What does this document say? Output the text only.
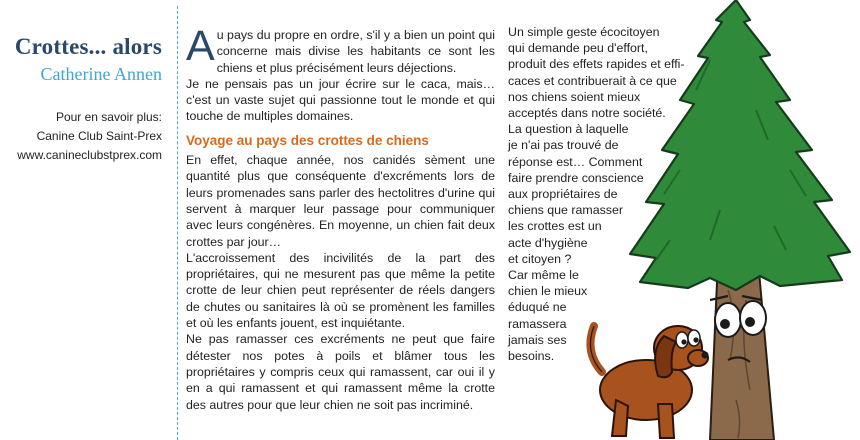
Crottes... alors
Catherine Annen
Pour en savoir plus:
Canine Club Saint-Prex
www.canineclubstprex.com

Au pays du propre en ordre, s'il y a bien un point qui concerne mais divise les habitants ce sont les chiens et plus précisément leurs déjections.

Je ne pensais pas un jour écrire sur le caca, mais… c'est un vaste sujet qui passionne tout le monde et qui touche de multiples domaines.

Voyage au pays des crottes de chiens

En effet, chaque année, nos canidés sèment une quantité plus que conséquente d'excréments lors de leurs promenades sans parler des hectolitres d'urine qui servent à marquer leur passage pour communiquer avec leurs congénères. En moyenne, un chien fait deux crottes par jour…

L'accroissement des incivilités de la part des propriétaires, qui ne mesurent pas que même la petite crotte de leur chien peut représenter de réels dangers de chutes ou sanitaires là où se promènent les familles et où les enfants jouent, est inquiétante.

Ne pas ramasser ces excréments ne peut que faire détester nos potes à poils et blâmer tous les propriétaires y compris ceux qui ramassent, car oui il y en a qui ramassent et qui ramassent même la crotte des autres pour que leur chien ne soit pas incriminé.

Un simple geste écocitoyen
qui demande peu d'effort,
produit des effets rapides et effi-
caces et contribuerait à ce que
nos chiens soient mieux
acceptés dans notre société.
La question à laquelle
je n'ai pas trouvé de
réponse est… Comment
faire prendre conscience
aux propriétaires de
chiens que ramasser
les crottes est un
acte d'hygiène
et citoyen ?
Car même le
chien le mieux
éduqué ne
ramassera
jamais ses
besoins.
